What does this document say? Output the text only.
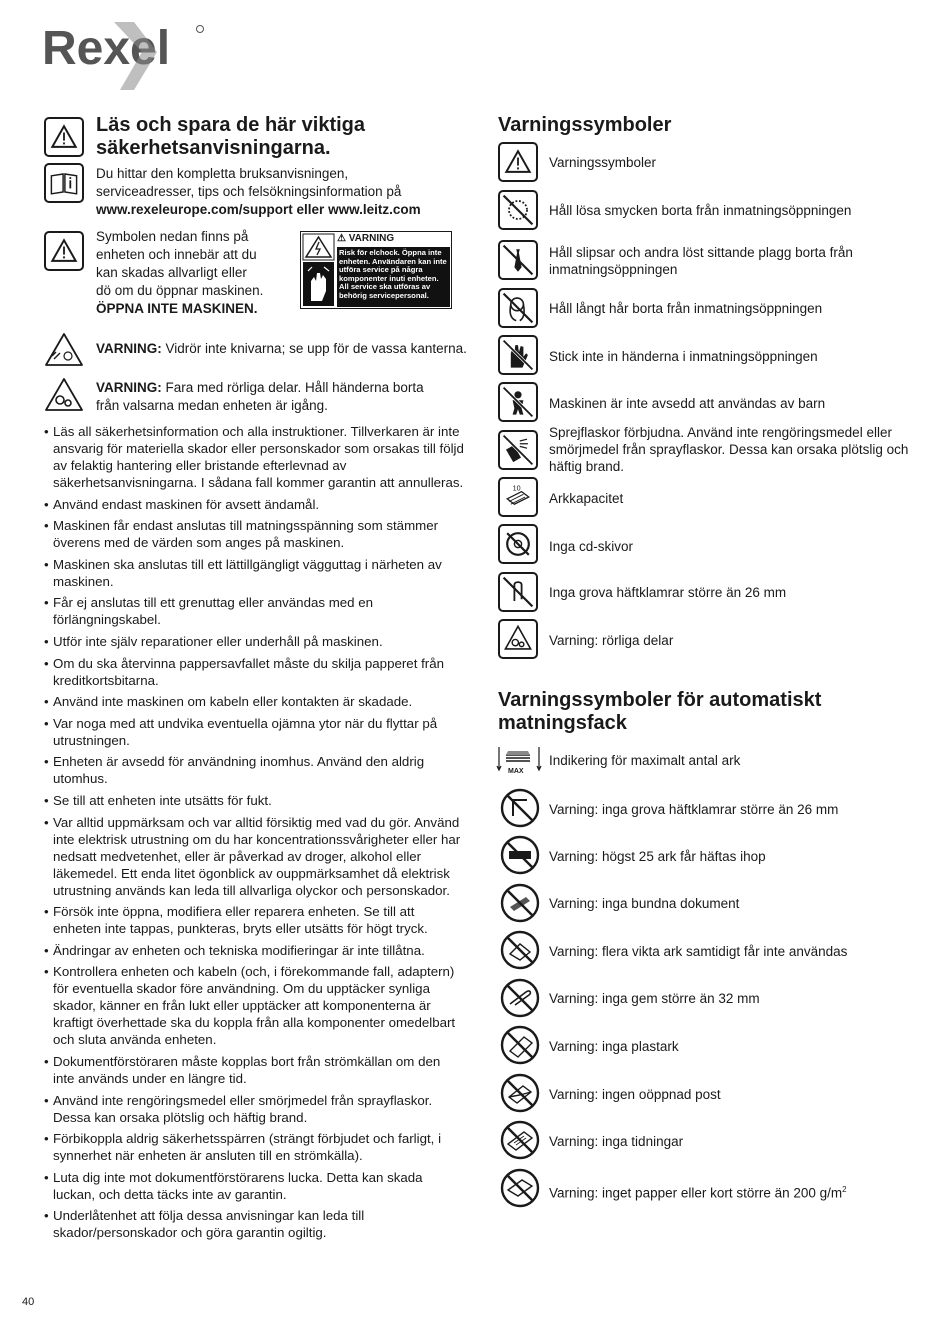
Rexel
Läs och spara de här viktiga säkerhetsanvisningarna.
Du hittar den kompletta bruksanvisningen,
serviceadresser, tips och felsökningsinformation på
www.rexeleurope.com/support eller www.leitz.com
Symbolen nedan finns på
enheten och innebär att du
kan skadas allvarligt eller
dö om du öppnar maskinen.
ÖPPNA INTE MASKINEN.
⚠ VARNING
Risk för elchock. Öppna inte enheten. Användaren kan inte utföra service på några komponenter inuti enheten. All service ska utföras av behörig servicepersonal.
VARNING: Vidrör inte knivarna; se upp för de vassa kanterna.
VARNING: Fara med rörliga delar. Håll händerna borta
från valsarna medan enheten är igång.
• Läs all säkerhetsinformation och alla instruktioner. Tillverkaren är inte ansvarig för materiella skador eller personskador som orsakas till följd av felaktig hantering eller bristande efterlevnad av säkerhetsanvisningarna. I sådana fall kommer garantin att annulleras.
• Använd endast maskinen för avsett ändamål.
• Maskinen får endast anslutas till matningsspänning som stämmer överens med de värden som anges på maskinen.
• Maskinen ska anslutas till ett lättillgängligt vägguttag i närheten av maskinen.
• Får ej anslutas till ett grenuttag eller användas med en förlängningskabel.
• Utför inte själv reparationer eller underhåll på maskinen.
• Om du ska återvinna pappersavfallet måste du skilja papperet från kreditkortsbitarna.
• Använd inte maskinen om kabeln eller kontakten är skadade.
• Var noga med att undvika eventuella ojämna ytor när du flyttar på utrustningen.
• Enheten är avsedd för användning inomhus. Använd den aldrig utomhus.
• Se till att enheten inte utsätts för fukt.
• Var alltid uppmärksam och var alltid försiktig med vad du gör. Använd inte elektrisk utrustning om du har koncentrationssvårigheter eller har nedsatt medvetenhet, eller är påverkad av droger, alkohol eller läkemedel. Ett enda litet ögonblick av ouppmärksamhet då elektrisk utrustning används kan leda till allvarliga olyckor och personskador.
• Försök inte öppna, modifiera eller reparera enheten. Se till att enheten inte tappas, punkteras, bryts eller utsätts för högt tryck.
• Ändringar av enheten och tekniska modifieringar är inte tillåtna.
• Kontrollera enheten och kabeln (och, i förekommande fall, adaptern) för eventuella skador före användning. Om du upptäcker synliga skador, känner en från lukt eller upptäcker att komponenterna är kraftigt överhettade ska du koppla från alla komponenter omedelbart och sluta använda enheten.
• Dokumentförstöraren måste kopplas bort från strömkällan om den inte används under en längre tid.
• Använd inte rengöringsmedel eller smörjmedel från sprayflaskor. Dessa kan orsaka plötslig och häftig brand.
• Förbikoppla aldrig säkerhetsspärren (strängt förbjudet och farligt, i synnerhet när enheten är ansluten till en strömkälla).
• Luta dig inte mot dokumentförstörarens lucka. Detta kan skada luckan, och detta täcks inte av garantin.
• Underlåtenhet att följa dessa anvisningar kan leda till skador/personskador och göra garantin ogiltig.
Varningssymboler
Varningssymboler
Håll lösa smycken borta från inmatningsöppningen
Håll slipsar och andra löst sittande plagg borta från inmatningsöppningen
Håll långt hår borta från inmatningsöppningen
Stick inte in händerna i inmatningsöppningen
Maskinen är inte avsedd att användas av barn
Sprejflaskor förbjudna. Använd inte rengöringsmedel eller smörjmedel från sprayflaskor. Dessa kan orsaka plötslig och häftig brand.
10
Arkkapacitet
Inga cd-skivor
Inga grova häftklamrar större än 26 mm
Varning: rörliga delar
Varningssymboler för automatiskt
matningsfack
MAX
Indikering för maximalt antal ark
Varning: inga grova häftklamrar större än 26 mm
Varning: högst 25 ark får häftas ihop
Varning: inga bundna dokument
Varning: flera vikta ark samtidigt får inte användas
Varning: inga gem större än 32 mm
Varning: inga plastark
Varning: ingen oöppnad post
Varning: inga tidningar
Varning: inget papper eller kort större än 200 $g/m^2$
40
